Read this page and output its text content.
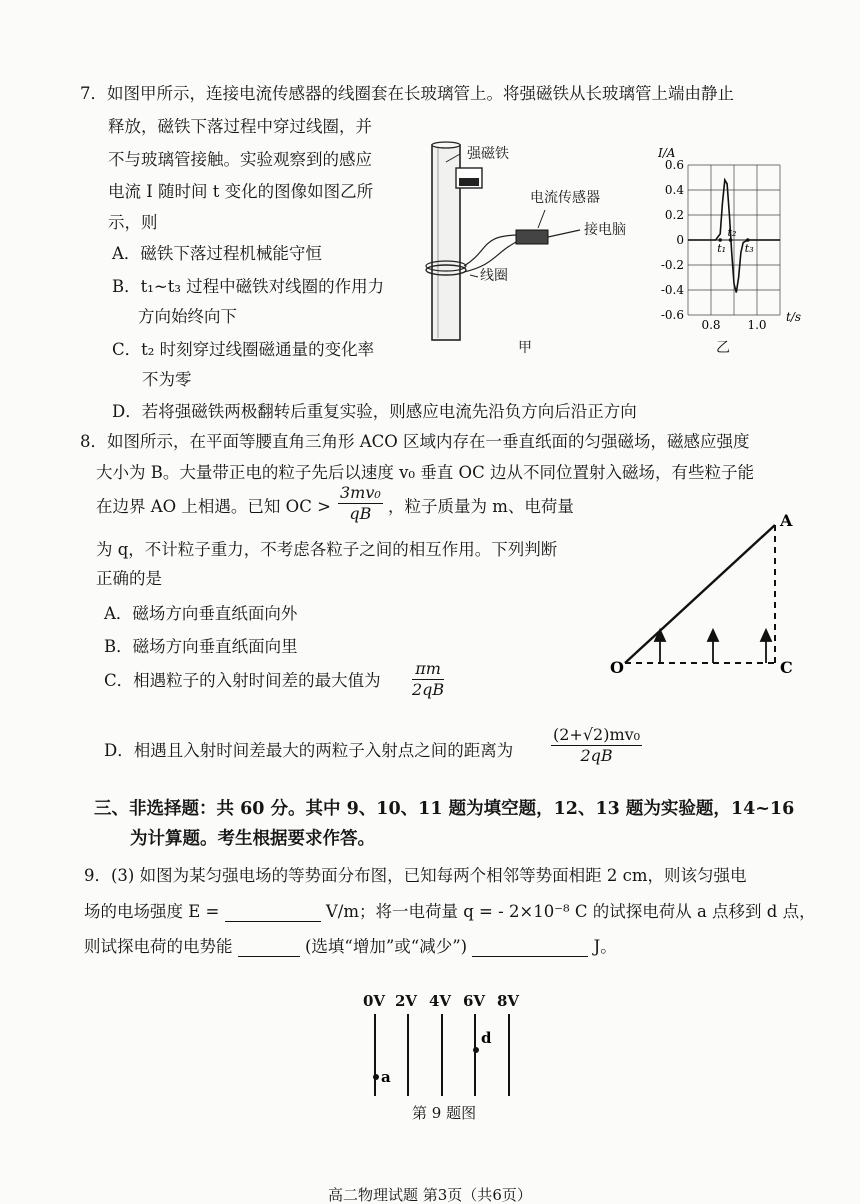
7．如图甲所示，连接电流传感器的线圈套在长玻璃管上。将强磁铁从长玻璃管上端由静止
释放，磁铁下落过程中穿过线圈，并
不与玻璃管接触。实验观察到的感应
电流 I 随时间 t 变化的图像如图乙所
示，则
A．磁铁下落过程机械能守恒
B．t₁~t₃ 过程中磁铁对线圈的作用力
方向始终向下
C．t₂ 时刻穿过线圈磁通量的变化率
不为零
D．若将强磁铁两极翻转后重复实验，则感应电流先沿负方向后沿正方向
强磁铁
电流传感器
接电脑
线圈
甲
0.6
0.4
0.2
0
-0.2
-0.4
-0.6
0.8 1.0
I/A
t/s
t₁
t₂
t₃
乙
8．如图所示，在平面等腰直角三角形 ACO 区域内存在一垂直纸面的匀强磁场，磁感应强度
大小为 B。大量带正电的粒子先后以速度 v₀ 垂直 OC 边从不同位置射入磁场，有些粒子能
在边界 AO 上相遇。已知 OC > $\frac{\text{3mv₀}}{qB}$ ，粒子质量为 m、电荷量
为 q，不计粒子重力，不考虑各粒子之间的相互作用。下列判断
正确的是
A．磁场方向垂直纸面向外
B．磁场方向垂直纸面向里
C．相遇粒子的入射时间差的最大值为 $\frac{\pi m}{2qB}$
D．相遇且入射时间差最大的两粒子入射点之间的距离为 $\frac{\text{(2+√2)mv₀}}{2qB}$
A
O	C
三、非选择题：共 60 分。其中 9、10、11 题为填空题，12、13 题为实验题，14~16
为计算题。考生根据要求作答。
9．(3) 如图为某匀强电场的等势面分布图，已知每两个相邻等势面相距 2 cm，则该匀强电
场的电场强度 E =	V/m；将一电荷量 q = - 2×10⁻⁸ C 的试探电荷从 a 点移到 d 点，
则试探电荷的电势能	(选填“增加”或“减少”)	J。
0V 2V 4V 6V 8V
a
d
第 9 题图
高二物理试题 第3页（共6页）
